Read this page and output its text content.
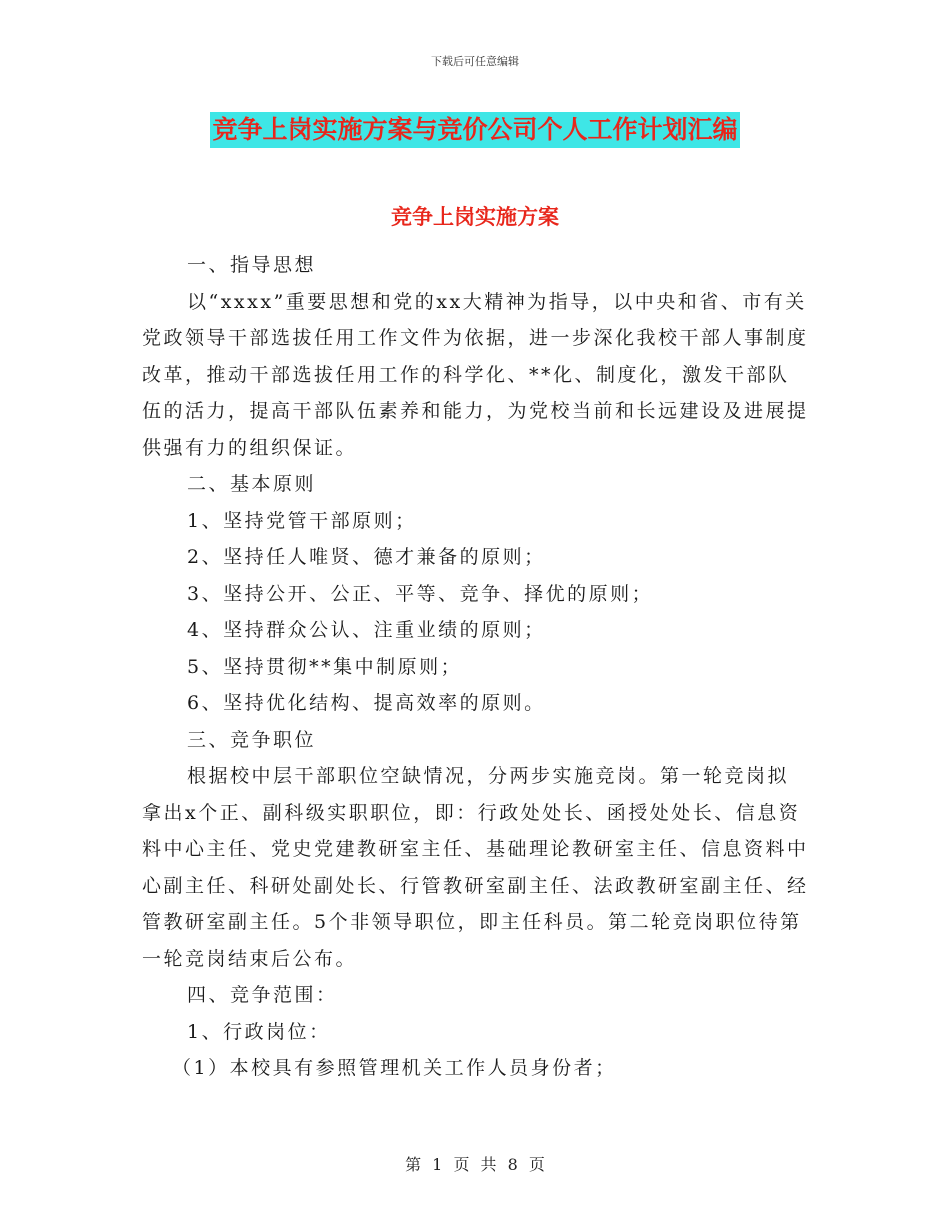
下载后可任意编辑
竞争上岗实施方案与竞价公司个人工作计划汇编
竞争上岗实施方案

一、指导思想

以“xxxx”重要思想和党的xx大精神为指导，以中央和省、市有关党政领导干部选拔任用工作文件为依据，进一步深化我校干部人事制度改革，推动干部选拔任用工作的科学化、**化、制度化，激发干部队伍的活力，提高干部队伍素养和能力，为党校当前和长远建设及进展提供强有力的组织保证。

二、基本原则

1、坚持党管干部原则；

2、坚持任人唯贤、德才兼备的原则；

3、坚持公开、公正、平等、竞争、择优的原则；

4、坚持群众公认、注重业绩的原则；

5、坚持贯彻**集中制原则；

6、坚持优化结构、提高效率的原则。

三、竞争职位

根据校中层干部职位空缺情况，分两步实施竞岗。第一轮竞岗拟拿出x个正、副科级实职职位，即：行政处处长、函授处处长、信息资料中心主任、党史党建教研室主任、基础理论教研室主任、信息资料中心副主任、科研处副处长、行管教研室副主任、法政教研室副主任、经管教研室副主任。5个非领导职位，即主任科员。第二轮竞岗职位待第一轮竞岗结束后公布。

四、竞争范围：

1、行政岗位：

（1）本校具有参照管理机关工作人员身份者；

第 1 页 共 8 页
